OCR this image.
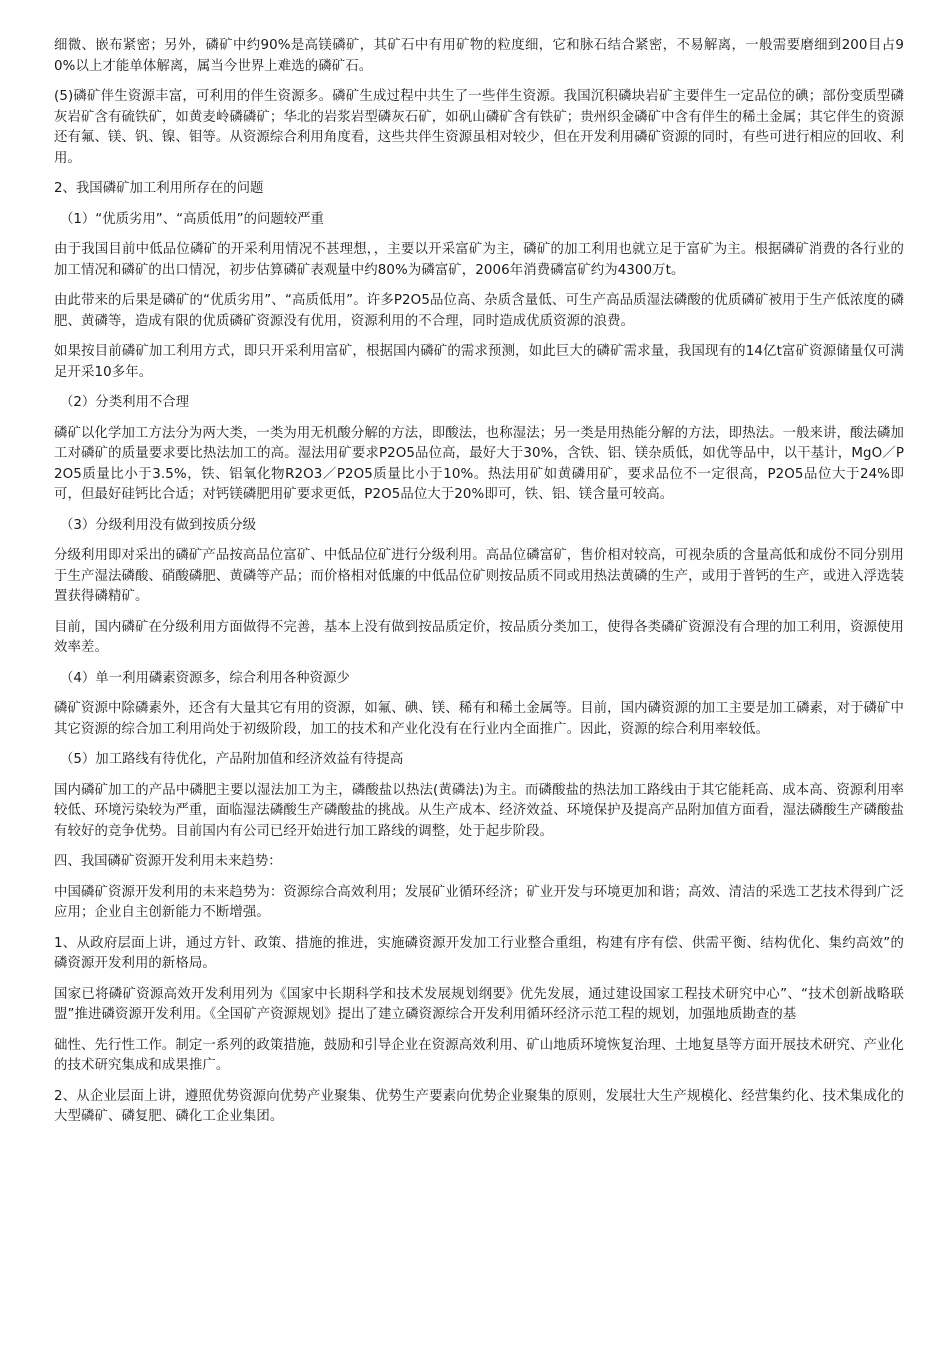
细微、嵌布紧密；另外，磷矿中约90%是高镁磷矿，其矿石中有用矿物的粒度细，它和脉石结合紧密，不易解离，一般需要磨细到200目占90%以上才能单体解离，属当今世界上难选的磷矿石。

(5)磷矿伴生资源丰富，可利用的伴生资源多。磷矿生成过程中共生了一些伴生资源。我国沉积磷块岩矿主要伴生一定品位的碘；部份变质型磷灰岩矿含有硫铁矿，如黄麦岭磷磷矿；华北的岩浆岩型磷灰石矿，如矾山磷矿含有铁矿；贵州织金磷矿中含有伴生的稀土金属；其它伴生的资源还有氟、镁、钒、镍、钼等。从资源综合利用角度看，这些共伴生资源虽相对较少，但在开发利用磷矿资源的同时，有些可进行相应的回收、利用。

2、我国磷矿加工利用所存在的问题

（1）“优质劣用”、“高质低用”的问题较严重

由于我国目前中低品位磷矿的开采利用情况不甚理想，，主要以开采富矿为主，磷矿的加工利用也就立足于富矿为主。根据磷矿消费的各行业的加工情况和磷矿的出口情况，初步估算磷矿表观量中约80%为磷富矿，2006年消费磷富矿约为4300万t。

由此带来的后果是磷矿的“优质劣用”、“高质低用”。许多P2O5品位高、杂质含量低、可生产高品质湿法磷酸的优质磷矿被用于生产低浓度的磷肥、黄磷等，造成有限的优质磷矿资源没有优用，资源利用的不合理，同时造成优质资源的浪费。

如果按目前磷矿加工利用方式，即只开采利用富矿，根据国内磷矿的需求预测，如此巨大的磷矿需求量，我国现有的14亿t富矿资源储量仅可满足开采10多年。

（2）分类利用不合理

磷矿以化学加工方法分为两大类，一类为用无机酸分解的方法，即酸法，也称湿法；另一类是用热能分解的方法，即热法。一般来讲，酸法磷加工对磷矿的质量要求要比热法加工的高。湿法用矿要求P2O5品位高，最好大于30%，含铁、铝、镁杂质低，如优等品中，以干基计，MgO／P2O5质量比小于3.5%，铁、铝氧化物R2O3／P2O5质量比小于10%。热法用矿如黄磷用矿，要求品位不一定很高，P2O5品位大于24%即可，但最好硅钙比合适；对钙镁磷肥用矿要求更低，P2O5品位大于20%即可，铁、铝、镁含量可较高。

（3）分级利用没有做到按质分级

分级利用即对采出的磷矿产品按高品位富矿、中低品位矿进行分级利用。高品位磷富矿，售价相对较高，可视杂质的含量高低和成份不同分别用于生产湿法磷酸、硝酸磷肥、黄磷等产品；而价格相对低廉的中低品位矿则按品质不同或用热法黄磷的生产，或用于普钙的生产，或进入浮选装置获得磷精矿。

目前，国内磷矿在分级利用方面做得不完善，基本上没有做到按品质定价，按品质分类加工，使得各类磷矿资源没有合理的加工利用，资源使用效率差。

（4）单一利用磷素资源多，综合利用各种资源少

磷矿资源中除磷素外，还含有大量其它有用的资源，如氟、碘、镁、稀有和稀土金属等。目前，国内磷资源的加工主要是加工磷素，对于磷矿中其它资源的综合加工利用尚处于初级阶段，加工的技术和产业化没有在行业内全面推广。因此，资源的综合利用率较低。

（5）加工路线有待优化，产品附加值和经济效益有待提高

国内磷矿加工的产品中磷肥主要以湿法加工为主，磷酸盐以热法(黄磷法)为主。而磷酸盐的热法加工路线由于其它能耗高、成本高、资源利用率较低、环境污染较为严重，面临湿法磷酸生产磷酸盐的挑战。从生产成本、经济效益、环境保护及提高产品附加值方面看，湿法磷酸生产磷酸盐有较好的竞争优势。目前国内有公司已经开始进行加工路线的调整，处于起步阶段。

四、我国磷矿资源开发利用未来趋势：

中国磷矿资源开发利用的未来趋势为：资源综合高效利用；发展矿业循环经济；矿业开发与环境更加和谐；高效、清洁的采选工艺技术得到广泛应用；企业自主创新能力不断增强。

1、从政府层面上讲，通过方针、政策、措施的推进，实施磷资源开发加工行业整合重组，构建有序有偿、供需平衡、结构优化、集约高效”的磷资源开发利用的新格局。

国家已将磷矿资源高效开发利用列为《国家中长期科学和技术发展规划纲要》优先发展，通过建设国家工程技术研究中心”、“技术创新战略联盟”推进磷资源开发利用。《全国矿产资源规划》提出了建立磷资源综合开发利用循环经济示范工程的规划，加强地质勘查的基

础性、先行性工作。制定一系列的政策措施，鼓励和引导企业在资源高效利用、矿山地质环境恢复治理、土地复垦等方面开展技术研究、产业化的技术研究集成和成果推广。

2、从企业层面上讲，遵照优势资源向优势产业聚集、优势生产要素向优势企业聚集的原则，发展壮大生产规模化、经营集约化、技术集成化的大型磷矿、磷复肥、磷化工企业集团。
